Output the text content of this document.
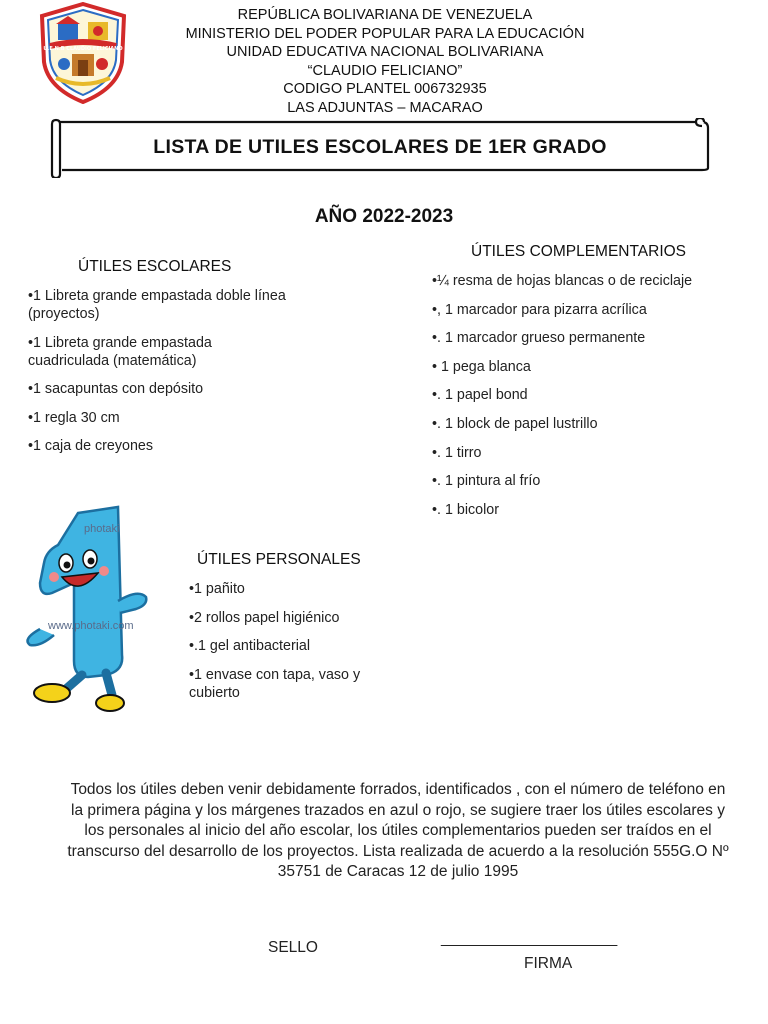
U.E.N.B CLAUDIO FELICIANO
REPÚBLICA BOLIVARIANA DE VENEZUELA
MINISTERIO DEL PODER POPULAR PARA LA EDUCACIÓN
UNIDAD EDUCATIVA NACIONAL BOLIVARIANA
“CLAUDIO FELICIANO”
CODIGO PLANTEL 006732935
LAS ADJUNTAS – MACARAO
LISTA DE UTILES ESCOLARES DE 1ER GRADO
AÑO 2022-2023
ÚTILES ESCOLARES
•1 Libreta grande empastada doble línea (proyectos)
•1 Libreta grande empastada cuadriculada (matemática)
•1 sacapuntas con depósito
•1 regla 30 cm
•1 caja de creyones
ÚTILES COMPLEMENTARIOS
•¼ resma de hojas blancas o de reciclaje
•, 1 marcador para pizarra acrílica
•. 1 marcador grueso permanente
• 1 pega blanca
•. 1 papel bond
•. 1 block de papel lustrillo
•. 1 tirro
•. 1 pintura al frío
•. 1 bicolor
photaki
www.photaki.com
ÚTILES PERSONALES
•1 pañito
•2 rollos papel higiénico
•.1 gel antibacterial
•1 envase con tapa, vaso y cubierto
Todos los útiles deben venir debidamente forrados, identificados , con el número de teléfono en la primera página y los márgenes trazados en azul o rojo, se sugiere traer los útiles escolares y los personales al inicio del año escolar, los útiles complementarios pueden ser traídos en el transcurso del desarrollo de los proyectos. Lista realizada de acuerdo a la resolución 555G.O Nº 35751 de Caracas 12 de julio 1995
SELLO
_______________________
FIRMA
